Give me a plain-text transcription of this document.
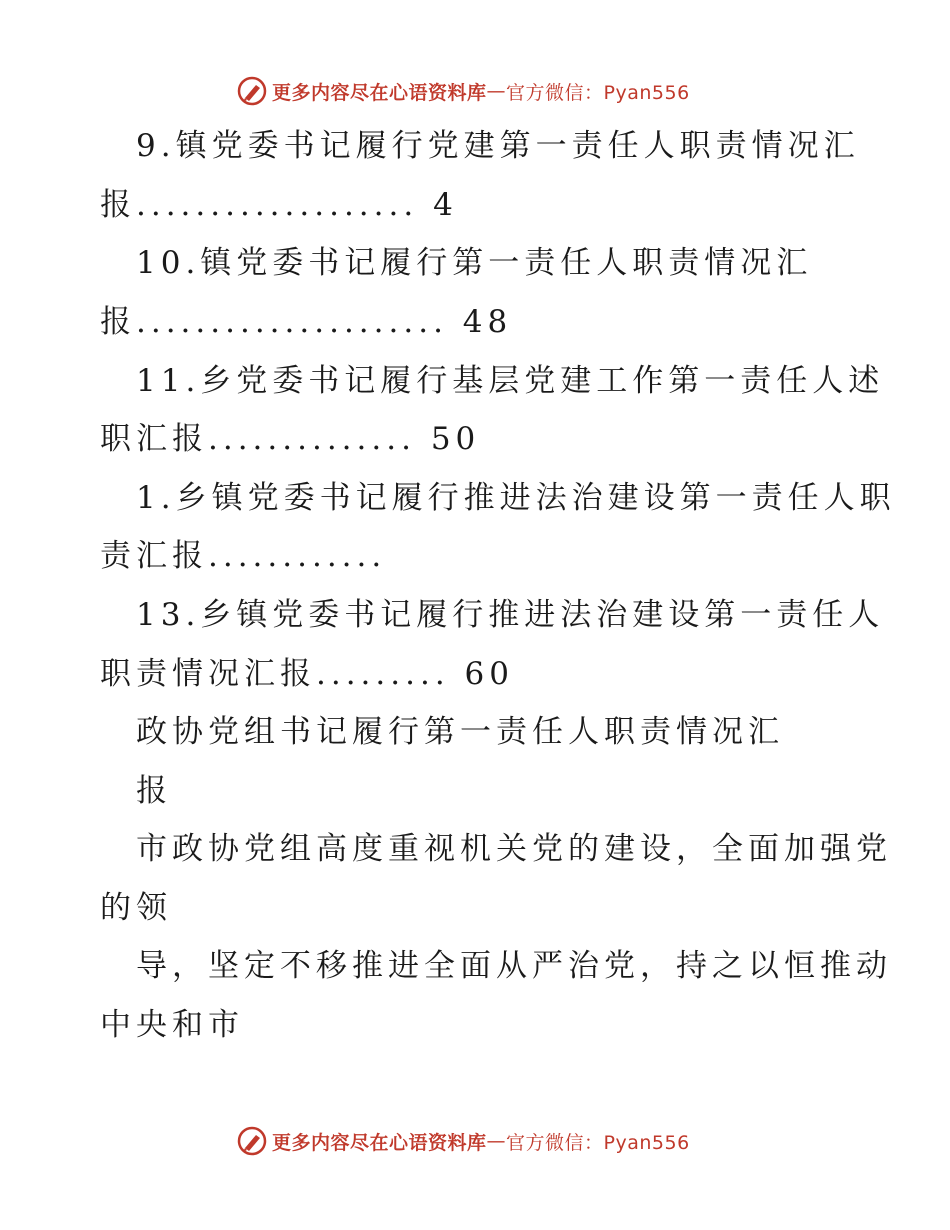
更多内容尽在心语资料库 — 官方微信：Pyan556
9.镇党委书记履行党建第一责任人职责情况汇
报................... 4
10.镇党委书记履行第一责任人职责情况汇
报..................... 48
11.乡党委书记履行基层党建工作第一责任人述
职汇报.............. 50
1.乡镇党委书记履行推进法治建设第一责任人职
责汇报............
13.乡镇党委书记履行推进法治建设第一责任人
职责情况汇报......... 60
政协党组书记履行第一责任人职责情况汇
报
市政协党组高度重视机关党的建设，全面加强党
的领
导，坚定不移推进全面从严治党，持之以恒推动
中央和市
更多内容尽在心语资料库 — 官方微信：Pyan556
